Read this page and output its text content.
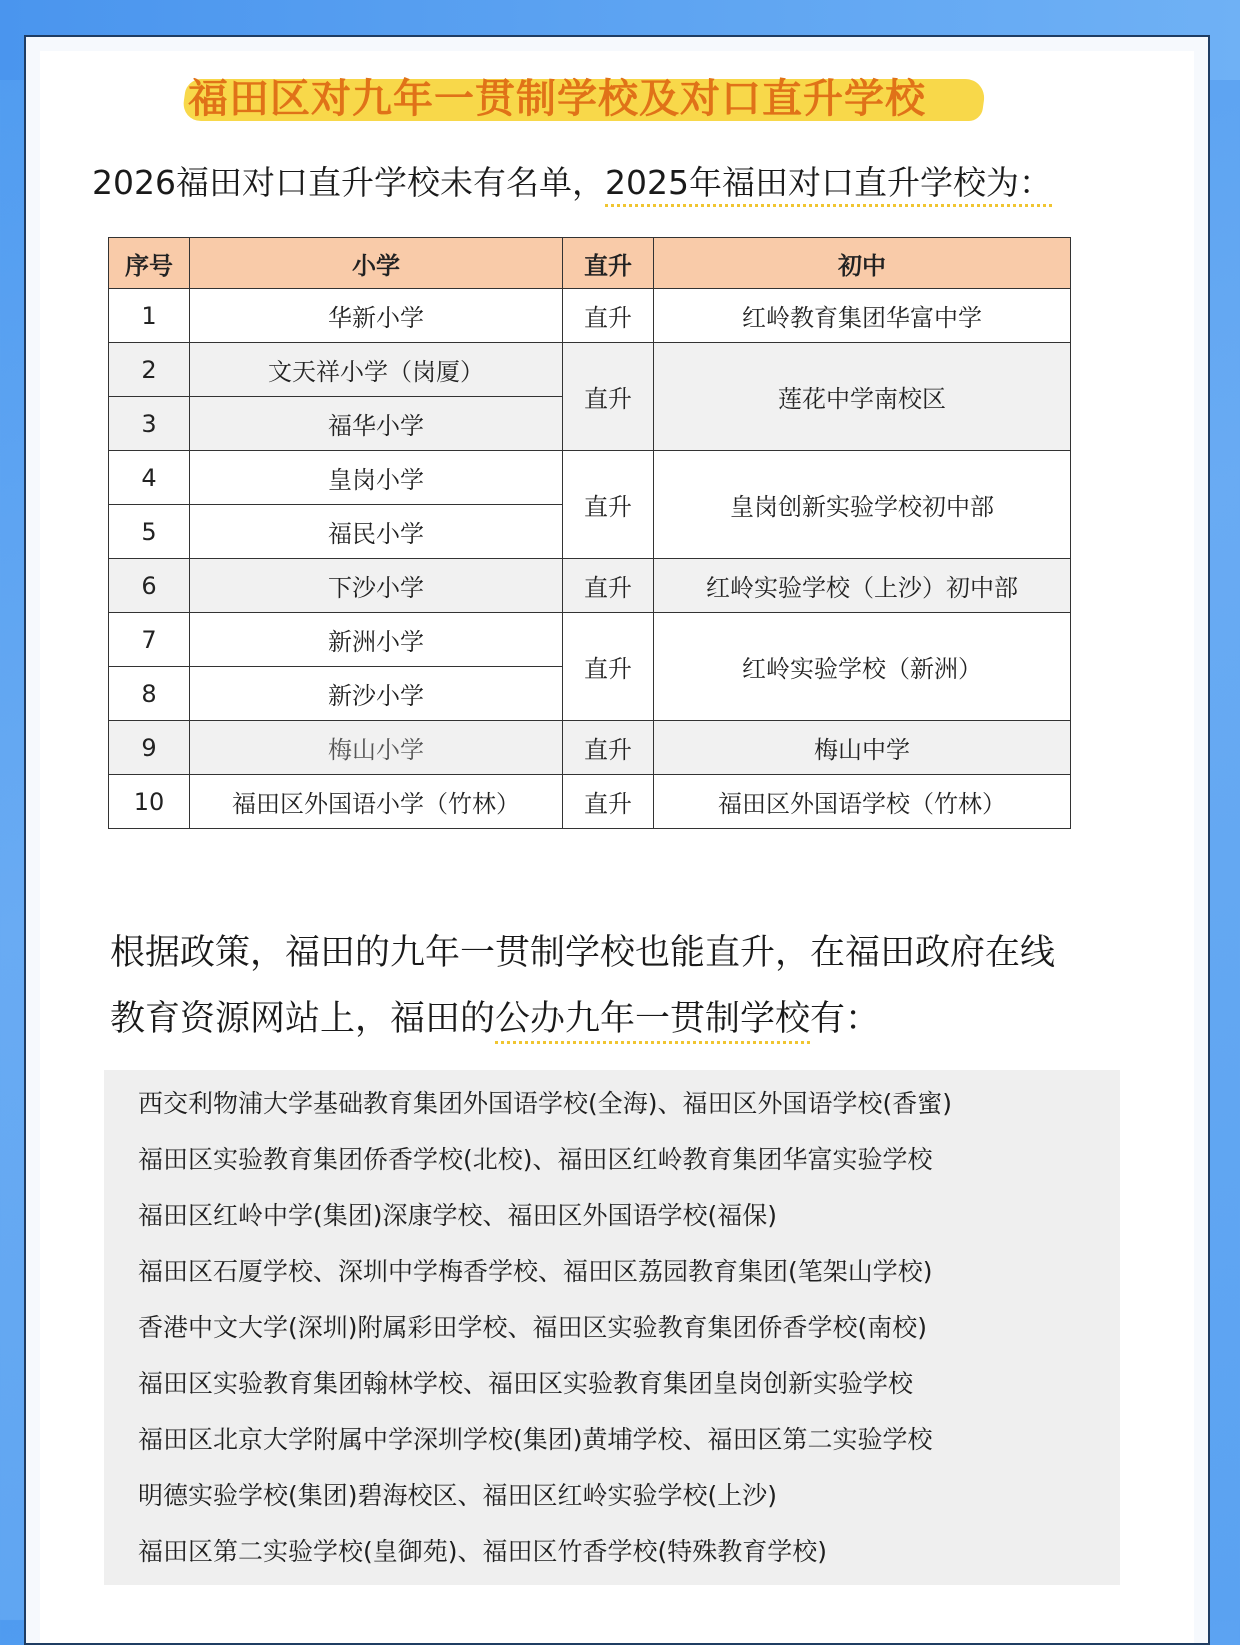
福田区对九年一贯制学校及对口直升学校
2026福田对口直升学校未有名单，2025年福田对口直升学校为：
序号	小学	直升	初中
1	华新小学	直升	红岭教育集团华富中学
2	文天祥小学（岗厦）	直升	莲花中学南校区
3	福华小学		
4	皇岗小学	直升	皇岗创新实验学校初中部
5	福民小学		
6	下沙小学	直升	红岭实验学校（上沙）初中部
7	新洲小学	直升	红岭实验学校（新洲）
8	新沙小学		
9	梅山小学	直升	梅山中学
10	福田区外国语小学（竹林）	直升	福田区外国语学校（竹林）
根据政策，福田的九年一贯制学校也能直升，在福田政府在线
教育资源网站上，福田的公办九年一贯制学校有：
西交利物浦大学基础教育集团外国语学校(全海)、福田区外国语学校(香蜜)
福田区实验教育集团侨香学校(北校)、福田区红岭教育集团华富实验学校
福田区红岭中学(集团)深康学校、福田区外国语学校(福保)
福田区石厦学校、深圳中学梅香学校、福田区荔园教育集团(笔架山学校)
香港中文大学(深圳)附属彩田学校、福田区实验教育集团侨香学校(南校)
福田区实验教育集团翰林学校、福田区实验教育集团皇岗创新实验学校
福田区北京大学附属中学深圳学校(集团)黄埔学校、福田区第二实验学校
明德实验学校(集团)碧海校区、福田区红岭实验学校(上沙)
福田区第二实验学校(皇御苑)、福田区竹香学校(特殊教育学校)
